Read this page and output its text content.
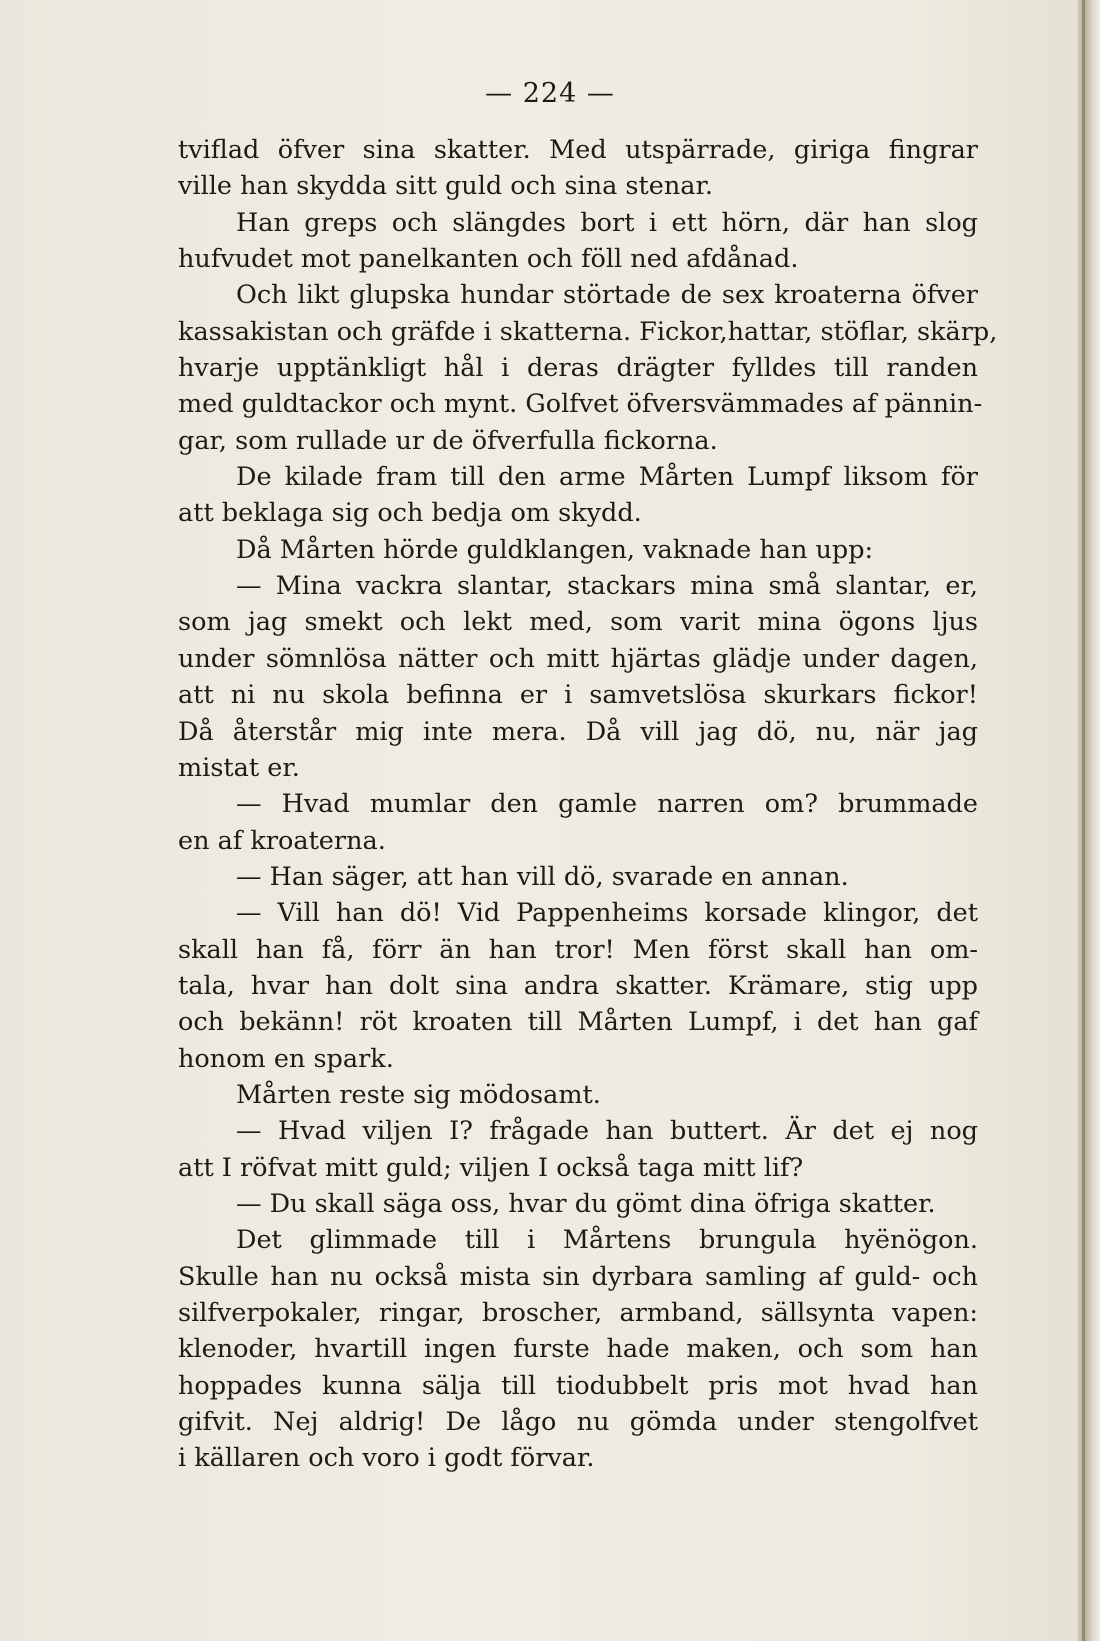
— 224 —
tviflad öfver sina skatter. Med utspärrade, giriga fingrar
ville han skydda sitt guld och sina stenar.
Han greps och slängdes bort i ett hörn, där han slog
hufvudet mot panelkanten och föll ned afdånad.
Och likt glupska hundar störtade de sex kroaterna öfver
kassakistan och gräfde i skatterna. Fickor,hattar, stöflar, skärp,
hvarje upptänkligt hål i deras drägter fylldes till randen
med guldtackor och mynt. Golfvet öfversvämmades af pännin-
gar, som rullade ur de öfverfulla fickorna.
De kilade fram till den arme Mårten Lumpf liksom för
att beklaga sig och bedja om skydd.
Då Mårten hörde guldklangen, vaknade han upp:
— Mina vackra slantar, stackars mina små slantar, er,
som jag smekt och lekt med, som varit mina ögons ljus
under sömnlösa nätter och mitt hjärtas glädje under dagen,
att ni nu skola befinna er i samvetslösa skurkars fickor!
Då återstår mig inte mera. Då vill jag dö, nu, när jag
mistat er.
— Hvad mumlar den gamle narren om? brummade
en af kroaterna.
— Han säger, att han vill dö, svarade en annan.
— Vill han dö! Vid Pappenheims korsade klingor, det
skall han få, förr än han tror! Men först skall han om-
tala, hvar han dolt sina andra skatter. Krämare, stig upp
och bekänn! röt kroaten till Mårten Lumpf, i det han gaf
honom en spark.
Mårten reste sig mödosamt.
— Hvad viljen I? frågade han buttert. Är det ej nog
att I röfvat mitt guld; viljen I också taga mitt lif?
— Du skall säga oss, hvar du gömt dina öfriga skatter.
Det glimmade till i Mårtens brungula hyënögon.
Skulle han nu också mista sin dyrbara samling af guld- och
silfverpokaler, ringar, broscher, armband, sällsynta vapen:
klenoder, hvartill ingen furste hade maken, och som han
hoppades kunna sälja till tiodubbelt pris mot hvad han
gifvit. Nej aldrig! De lågo nu gömda under stengolfvet
i källaren och voro i godt förvar.
